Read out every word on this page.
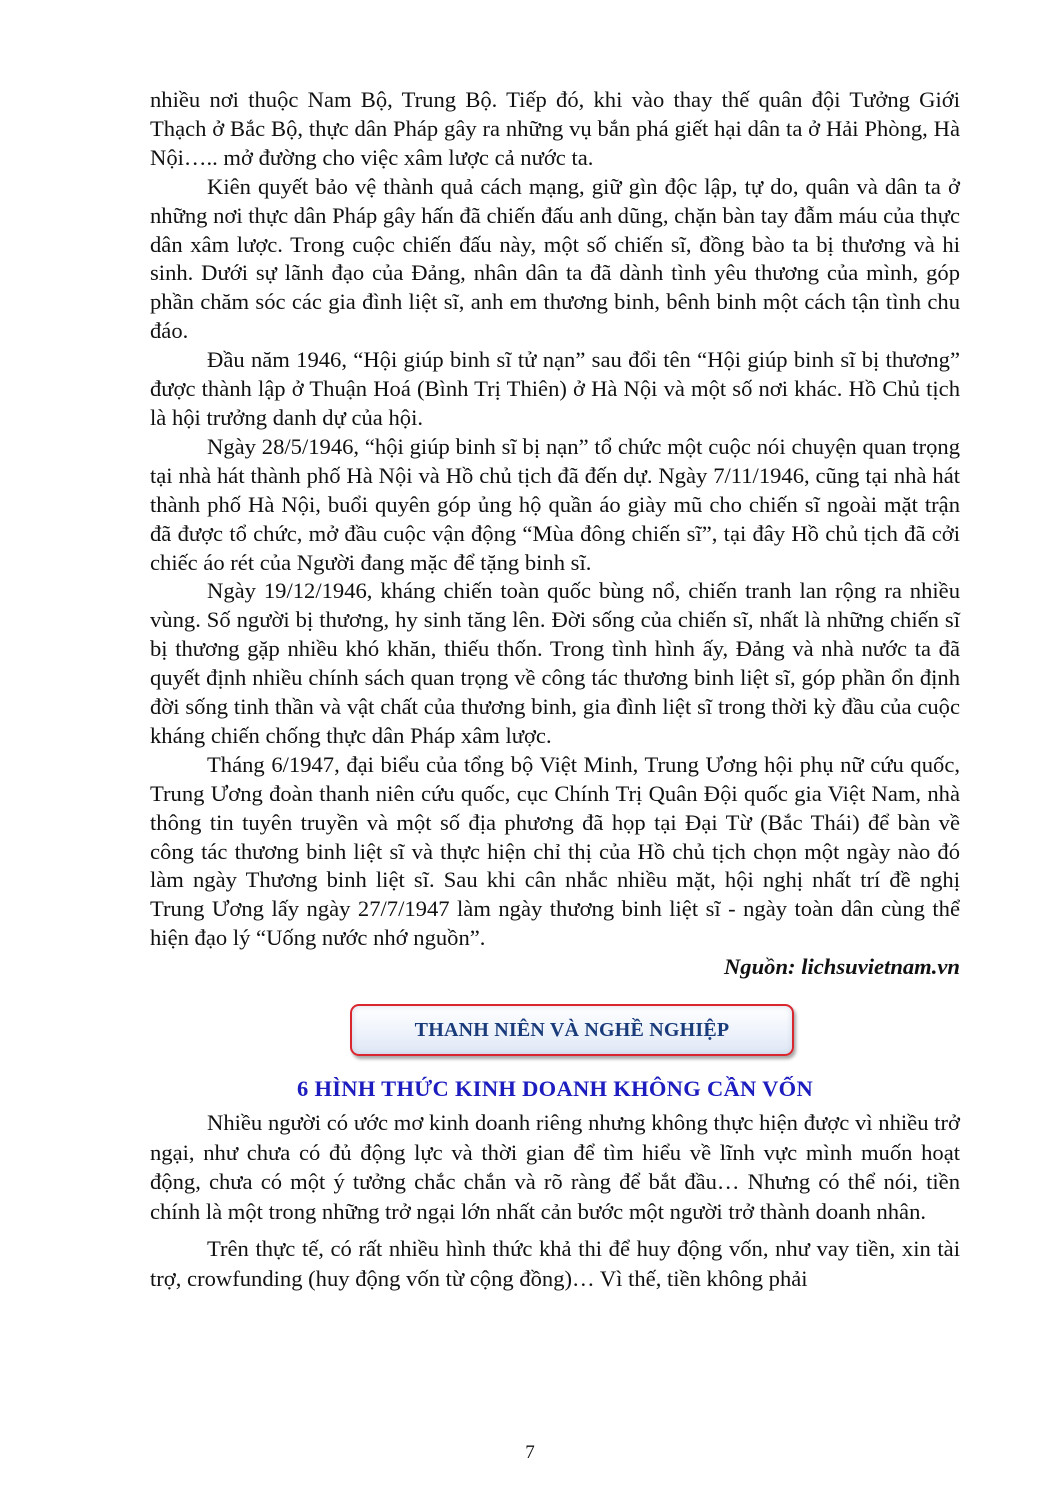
nhiều nơi thuộc Nam Bộ, Trung Bộ. Tiếp đó, khi vào thay thế quân đội Tưởng Giới Thạch ở Bắc Bộ, thực dân Pháp gây ra những vụ bắn phá giết hại dân ta ở Hải Phòng, Hà Nội….. mở đường cho việc xâm lược cả nước ta.

Kiên quyết bảo vệ thành quả cách mạng, giữ gìn độc lập, tự do, quân và dân ta ở những nơi thực dân Pháp gây hấn đã chiến đấu anh dũng, chặn bàn tay đẫm máu của thực dân xâm lược. Trong cuộc chiến đấu này, một số chiến sĩ, đồng bào ta bị thương và hi sinh. Dưới sự lãnh đạo của Đảng, nhân dân ta đã dành tình yêu thương của mình, góp phần chăm sóc các gia đình liệt sĩ, anh em thương binh, bênh binh một cách tận tình chu đáo.

Đầu năm 1946, “Hội giúp binh sĩ tử nạn” sau đổi tên “Hội giúp binh sĩ bị thương” được thành lập ở Thuận Hoá (Bình Trị Thiên) ở Hà Nội và một số nơi khác. Hồ Chủ tịch là hội trưởng danh dự của hội.

Ngày 28/5/1946, “hội giúp binh sĩ bị nạn” tổ chức một cuộc nói chuyện quan trọng tại nhà hát thành phố Hà Nội và Hồ chủ tịch đã đến dự. Ngày 7/11/1946, cũng tại nhà hát thành phố Hà Nội, buổi quyên góp ủng hộ quần áo giày mũ cho chiến sĩ ngoài mặt trận đã được tổ chức, mở đầu cuộc vận động “Mùa đông chiến sĩ”, tại đây Hồ chủ tịch đã cởi chiếc áo rét của Người đang mặc để tặng binh sĩ.

Ngày 19/12/1946, kháng chiến toàn quốc bùng nổ, chiến tranh lan rộng ra nhiều vùng. Số người bị thương, hy sinh tăng lên. Đời sống của chiến sĩ, nhất là những chiến sĩ bị thương gặp nhiều khó khăn, thiếu thốn. Trong tình hình ấy, Đảng và nhà nước ta đã quyết định nhiều chính sách quan trọng về công tác thương binh liệt sĩ, góp phần ổn định đời sống tinh thần và vật chất của thương binh, gia đình liệt sĩ trong thời kỳ đầu của cuộc kháng chiến chống thực dân Pháp xâm lược.

Tháng 6/1947, đại biểu của tổng bộ Việt Minh, Trung Ương hội phụ nữ cứu quốc, Trung Ương đoàn thanh niên cứu quốc, cục Chính Trị Quân Đội quốc gia Việt Nam, nhà thông tin tuyên truyền và một số địa phương đã họp tại Đại Từ (Bắc Thái) để bàn về công tác thương binh liệt sĩ và thực hiện chỉ thị của Hồ chủ tịch chọn một ngày nào đó làm ngày Thương binh liệt sĩ. Sau khi cân nhắc nhiều mặt, hội nghị nhất trí đề nghị Trung Ương lấy ngày 27/7/1947 làm ngày thương binh liệt sĩ - ngày toàn dân cùng thể hiện đạo lý “Uống nước nhớ nguồn”.

Nguồn: lichsuvietnam.vn

THANH NIÊN VÀ NGHỀ NGHIỆP
6 HÌNH THỨC KINH DOANH KHÔNG CẦN VỐN

Nhiều người có ước mơ kinh doanh riêng nhưng không thực hiện được vì nhiều trở ngại, như chưa có đủ động lực và thời gian để tìm hiểu về lĩnh vực mình muốn hoạt động, chưa có một ý tưởng chắc chắn và rõ ràng để bắt đầu… Nhưng có thể nói, tiền chính là một trong những trở ngại lớn nhất cản bước một người trở thành doanh nhân.

Trên thực tế, có rất nhiều hình thức khả thi để huy động vốn, như vay tiền, xin tài trợ, crowfunding (huy động vốn từ cộng đồng)… Vì thế, tiền không phải

7
